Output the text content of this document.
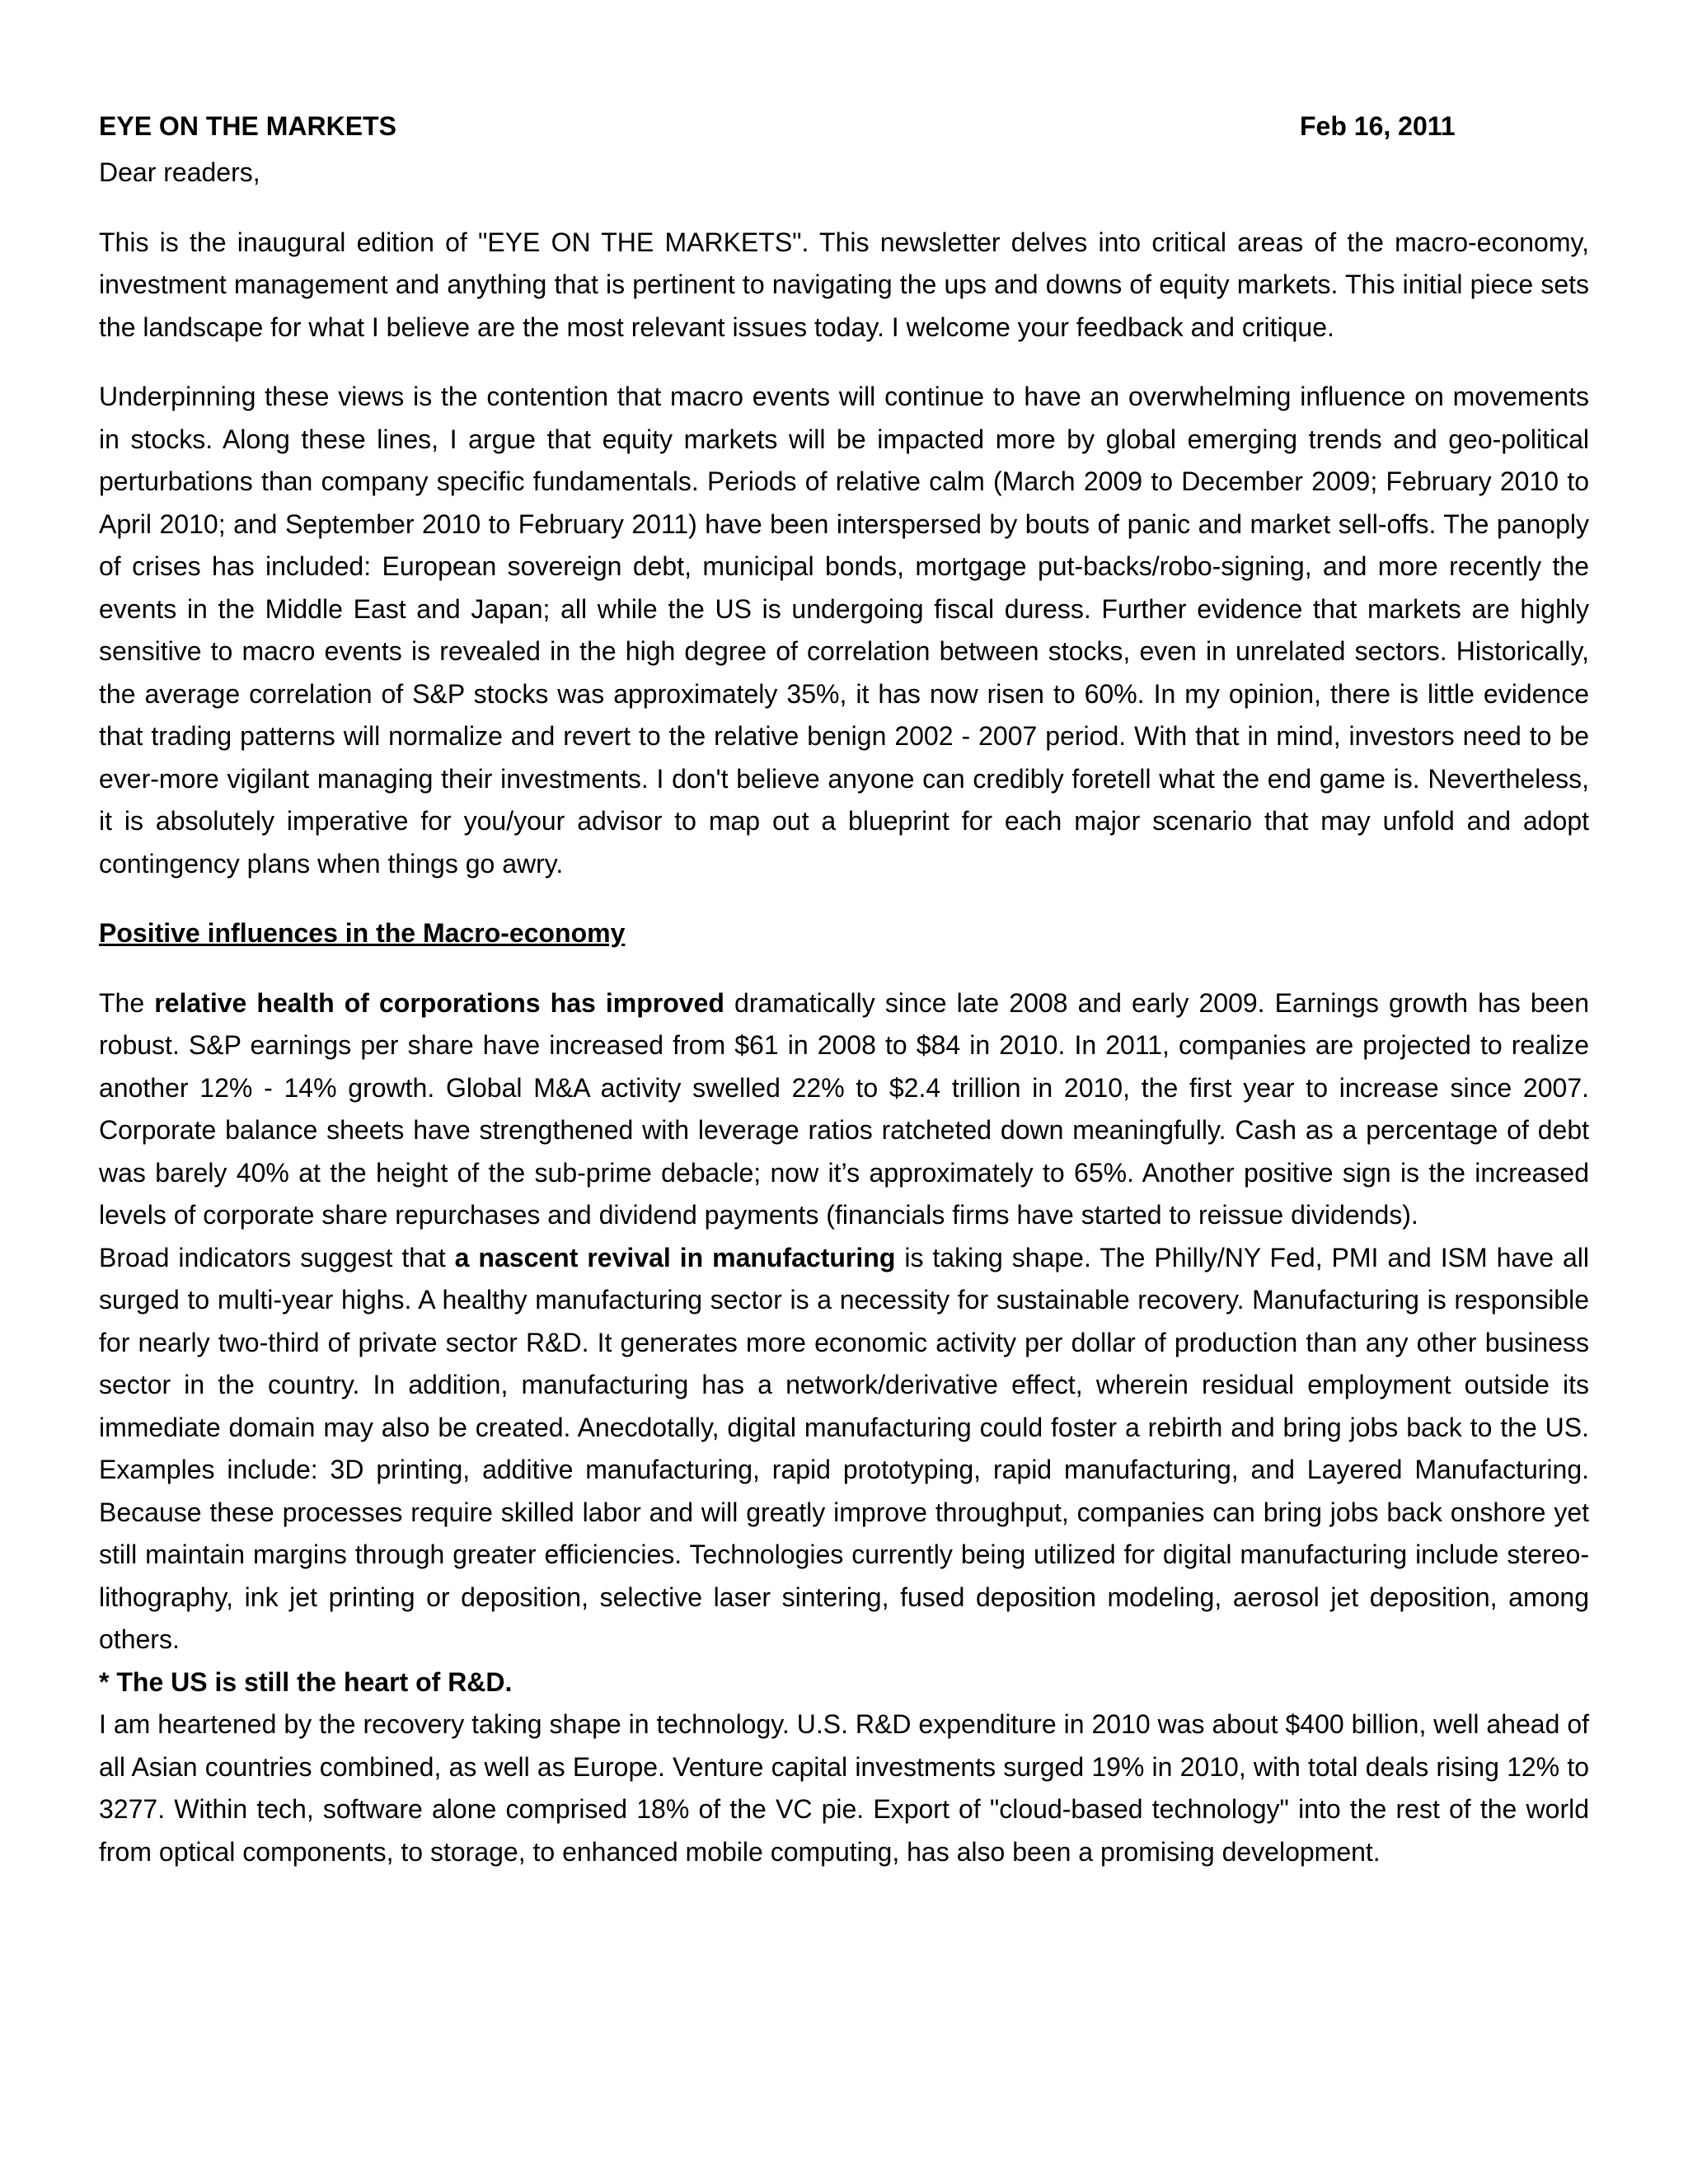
EYE ON THE MARKETS	Feb 16, 2011

Dear readers,

This is the inaugural edition of "EYE ON THE MARKETS". This newsletter delves into critical areas of the macro-economy, investment management and anything that is pertinent to navigating the ups and downs of equity markets. This initial piece sets the landscape for what I believe are the most relevant issues today. I welcome your feedback and critique.

Underpinning these views is the contention that macro events will continue to have an overwhelming influence on movements in stocks. Along these lines, I argue that equity markets will be impacted more by global emerging trends and geo-political perturbations than company specific fundamentals. Periods of relative calm (March 2009 to December 2009; February 2010 to April 2010; and September 2010 to February 2011) have been interspersed by bouts of panic and market sell-offs. The panoply of crises has included: European sovereign debt, municipal bonds, mortgage put-backs/robo-signing, and more recently the events in the Middle East and Japan; all while the US is undergoing fiscal duress. Further evidence that markets are highly sensitive to macro events is revealed in the high degree of correlation between stocks, even in unrelated sectors. Historically, the average correlation of S&P stocks was approximately 35%, it has now risen to 60%. In my opinion, there is little evidence that trading patterns will normalize and revert to the relative benign 2002 - 2007 period. With that in mind, investors need to be ever-more vigilant managing their investments. I don't believe anyone can credibly foretell what the end game is. Nevertheless, it is absolutely imperative for you/your advisor to map out a blueprint for each major scenario that may unfold and adopt contingency plans when things go awry.

Positive influences in the Macro-economy

The relative health of corporations has improved dramatically since late 2008 and early 2009. Earnings growth has been robust. S&P earnings per share have increased from $61 in 2008 to $84 in 2010. In 2011, companies are projected to realize another 12% - 14% growth. Global M&A activity swelled 22% to $2.4 trillion in 2010, the first year to increase since 2007. Corporate balance sheets have strengthened with leverage ratios ratcheted down meaningfully. Cash as a percentage of debt was barely 40% at the height of the sub-prime debacle; now it’s approximately to 65%. Another positive sign is the increased levels of corporate share repurchases and dividend payments (financials firms have started to reissue dividends).

Broad indicators suggest that a nascent revival in manufacturing is taking shape. The Philly/NY Fed, PMI and ISM have all surged to multi-year highs. A healthy manufacturing sector is a necessity for sustainable recovery. Manufacturing is responsible for nearly two-third of private sector R&D. It generates more economic activity per dollar of production than any other business sector in the country. In addition, manufacturing has a network/derivative effect, wherein residual employment outside its immediate domain may also be created. Anecdotally, digital manufacturing could foster a rebirth and bring jobs back to the US. Examples include: 3D printing, additive manufacturing, rapid prototyping, rapid manufacturing, and Layered Manufacturing. Because these processes require skilled labor and will greatly improve throughput, companies can bring jobs back onshore yet still maintain margins through greater efficiencies. Technologies currently being utilized for digital manufacturing include stereo-lithography, ink jet printing or deposition, selective laser sintering, fused deposition modeling, aerosol jet deposition, among others.

* The US is still the heart of R&D.

I am heartened by the recovery taking shape in technology. U.S. R&D expenditure in 2010 was about $400 billion, well ahead of all Asian countries combined, as well as Europe. Venture capital investments surged 19% in 2010, with total deals rising 12% to 3277. Within tech, software alone comprised 18% of the VC pie. Export of "cloud-based technology" into the rest of the world from optical components, to storage, to enhanced mobile computing, has also been a promising development.
